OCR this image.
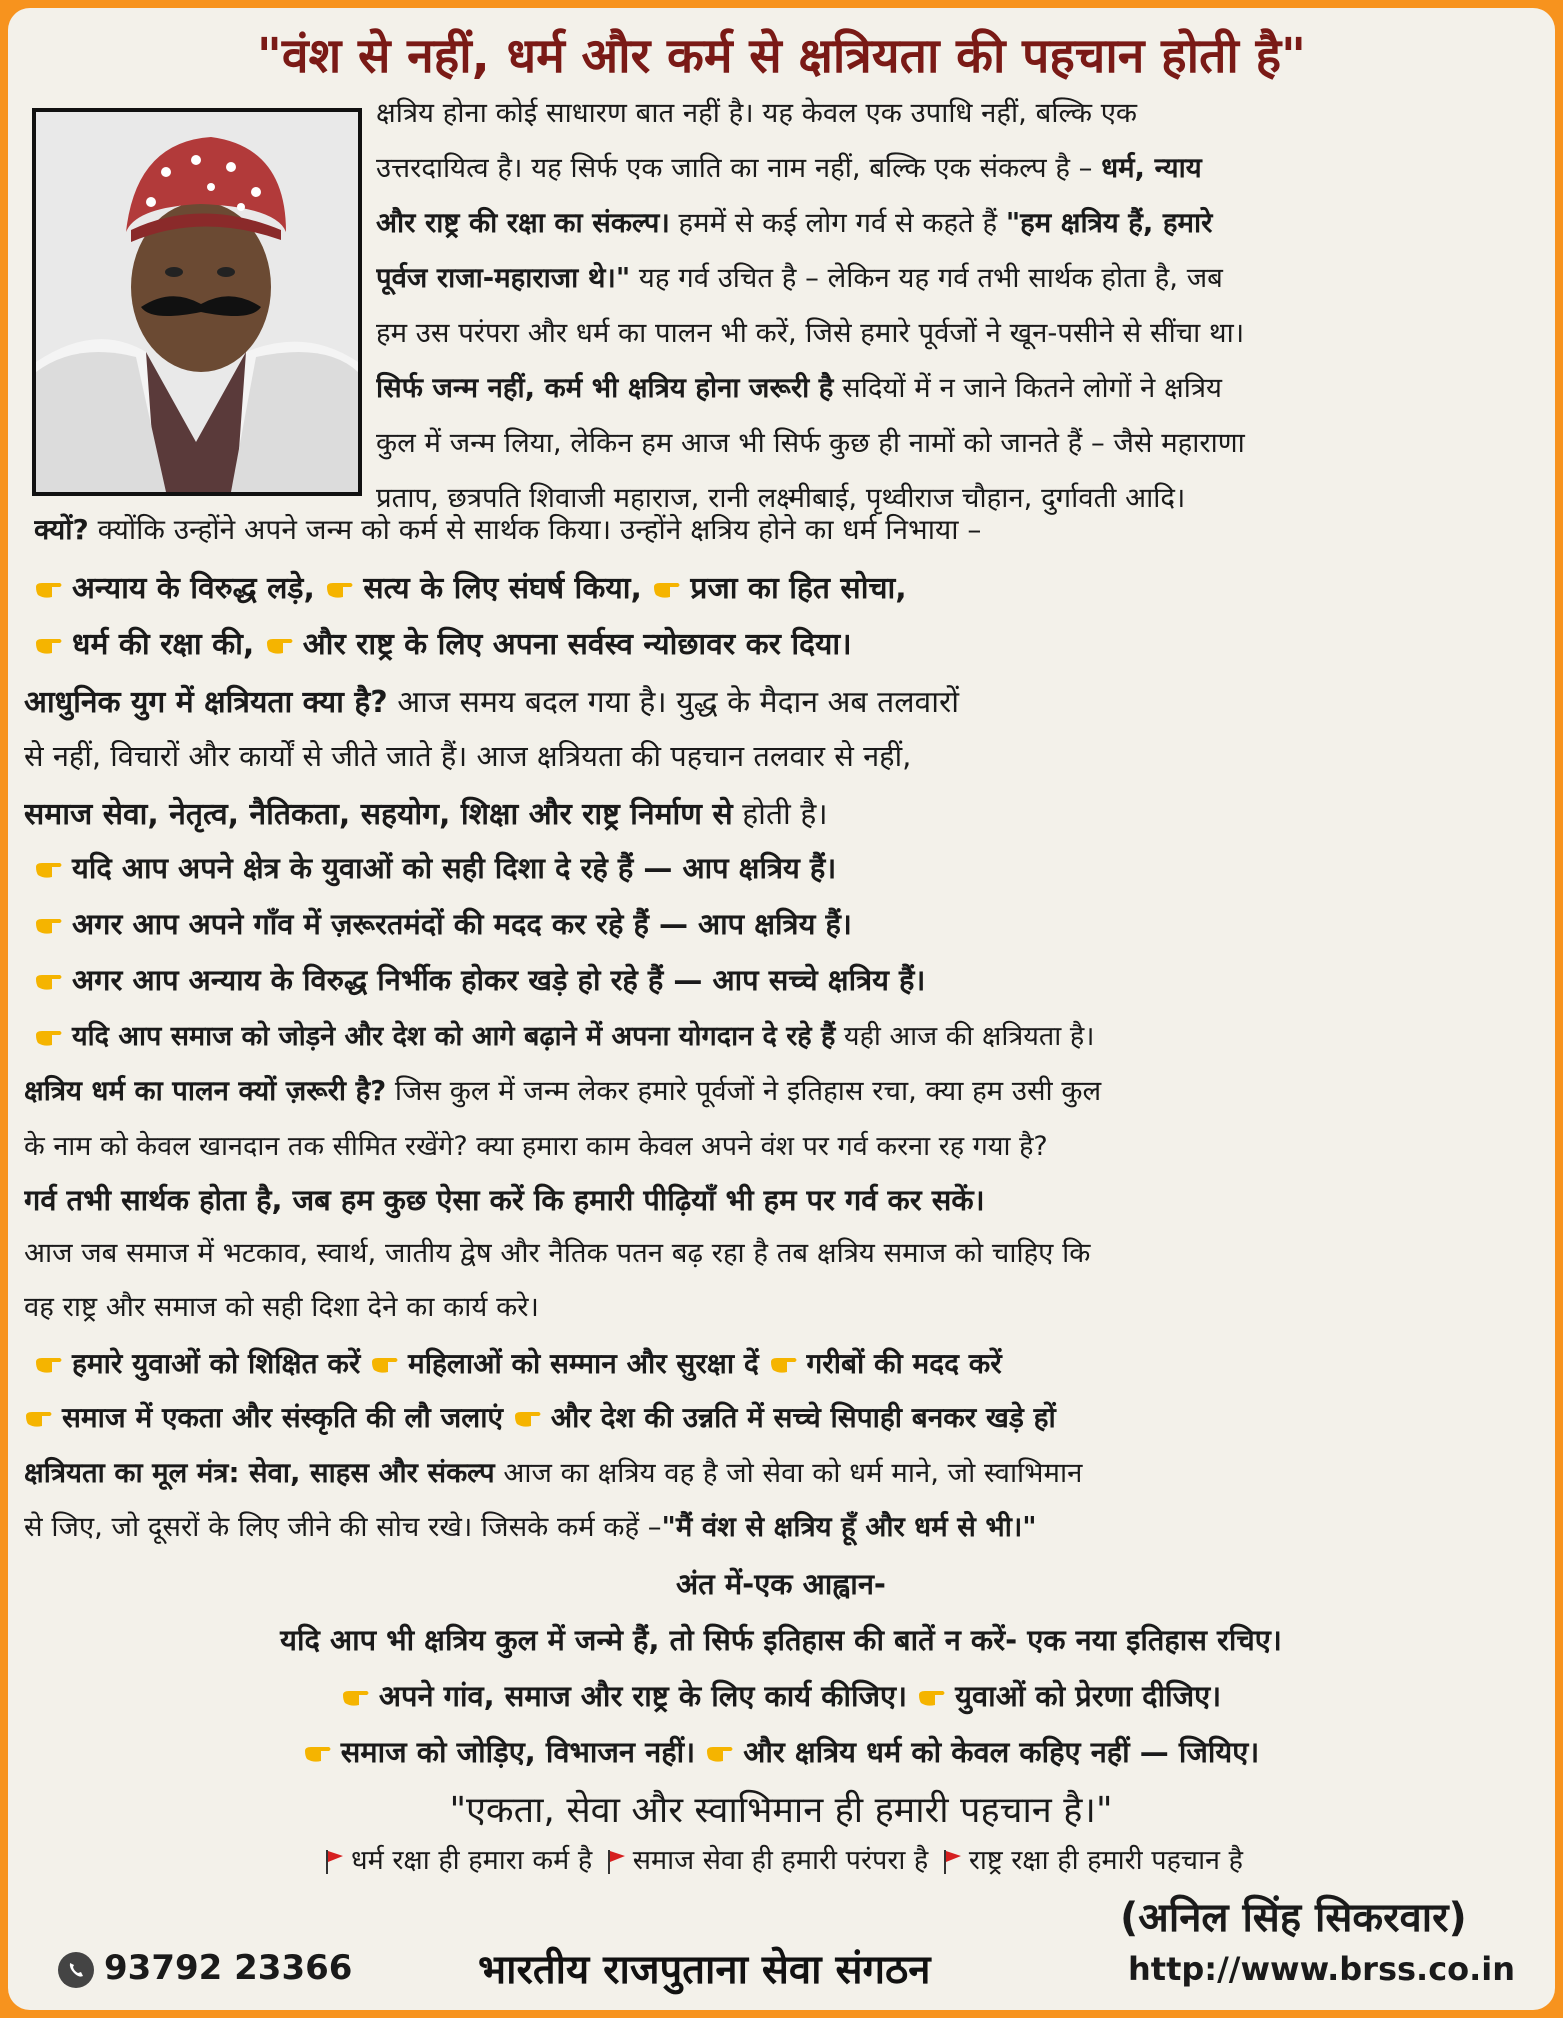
"वंश से नहीं, धर्म और कर्म से क्षत्रियता की पहचान होती है"
क्षत्रिय होना कोई साधारण बात नहीं है। यह केवल एक उपाधि नहीं, बल्कि एक
उत्तरदायित्व है। यह सिर्फ एक जाति का नाम नहीं, बल्कि एक संकल्प है – धर्म, न्याय
और राष्ट्र की रक्षा का संकल्प। हममें से कई लोग गर्व से कहते हैं "हम क्षत्रिय हैं, हमारे
पूर्वज राजा-महाराजा थे।" यह गर्व उचित है – लेकिन यह गर्व तभी सार्थक होता है, जब
हम उस परंपरा और धर्म का पालन भी करें, जिसे हमारे पूर्वजों ने खून-पसीने से सींचा था।
सिर्फ जन्म नहीं, कर्म भी क्षत्रिय होना जरूरी है सदियों में न जाने कितने लोगों ने क्षत्रिय
कुल में जन्म लिया, लेकिन हम आज भी सिर्फ कुछ ही नामों को जानते हैं – जैसे महाराणा
प्रताप, छत्रपति शिवाजी महाराज, रानी लक्ष्मीबाई, पृथ्वीराज चौहान, दुर्गावती आदि।
क्यों? क्योंकि उन्होंने अपने जन्म को कर्म से सार्थक किया। उन्होंने क्षत्रिय होने का धर्म निभाया –
अन्याय के विरुद्ध लड़े, सत्य के लिए संघर्ष किया, प्रजा का हित सोचा,
धर्म की रक्षा की, और राष्ट्र के लिए अपना सर्वस्व न्योछावर कर दिया।
आधुनिक युग में क्षत्रियता क्या है? आज समय बदल गया है। युद्ध के मैदान अब तलवारों
से नहीं, विचारों और कार्यों से जीते जाते हैं। आज क्षत्रियता की पहचान तलवार से नहीं,
समाज सेवा, नेतृत्व, नैतिकता, सहयोग, शिक्षा और राष्ट्र निर्माण से होती है।
यदि आप अपने क्षेत्र के युवाओं को सही दिशा दे रहे हैं — आप क्षत्रिय हैं।
अगर आप अपने गाँव में ज़रूरतमंदों की मदद कर रहे हैं — आप क्षत्रिय हैं।
अगर आप अन्याय के विरुद्ध निर्भीक होकर खड़े हो रहे हैं — आप सच्चे क्षत्रिय हैं।
यदि आप समाज को जोड़ने और देश को आगे बढ़ाने में अपना योगदान दे रहे हैं यही आज की क्षत्रियता है।
क्षत्रिय धर्म का पालन क्यों ज़रूरी है? जिस कुल में जन्म लेकर हमारे पूर्वजों ने इतिहास रचा, क्या हम उसी कुल
के नाम को केवल खानदान तक सीमित रखेंगे? क्या हमारा काम केवल अपने वंश पर गर्व करना रह गया है?
गर्व तभी सार्थक होता है, जब हम कुछ ऐसा करें कि हमारी पीढ़ियाँ भी हम पर गर्व कर सकें।
आज जब समाज में भटकाव, स्वार्थ, जातीय द्वेष और नैतिक पतन बढ़ रहा है तब क्षत्रिय समाज को चाहिए कि
वह राष्ट्र और समाज को सही दिशा देने का कार्य करे।
हमारे युवाओं को शिक्षित करें महिलाओं को सम्मान और सुरक्षा दें गरीबों की मदद करें
समाज में एकता और संस्कृति की लौ जलाएं और देश की उन्नति में सच्चे सिपाही बनकर खड़े हों
क्षत्रियता का मूल मंत्र: सेवा, साहस और संकल्प आज का क्षत्रिय वह है जो सेवा को धर्म माने, जो स्वाभिमान
से जिए, जो दूसरों के लिए जीने की सोच रखे। जिसके कर्म कहें –"मैं वंश से क्षत्रिय हूँ और धर्म से भी।"
अंत में-एक आह्वान-
यदि आप भी क्षत्रिय कुल में जन्मे हैं, तो सिर्फ इतिहास की बातें न करें- एक नया इतिहास रचिए।
अपने गांव, समाज और राष्ट्र के लिए कार्य कीजिए। युवाओं को प्रेरणा दीजिए।
समाज को जोड़िए, विभाजन नहीं। और क्षत्रिय धर्म को केवल कहिए नहीं — जियिए।
"एकता, सेवा और स्वाभिमान ही हमारी पहचान है।"
धर्म रक्षा ही हमारा कर्म है समाज सेवा ही हमारी परंपरा है राष्ट्र रक्षा ही हमारी पहचान है
(अनिल सिंह सिकरवार)
93792 23366	भारतीय राजपुताना सेवा संगठन	http://www.brss.co.in
